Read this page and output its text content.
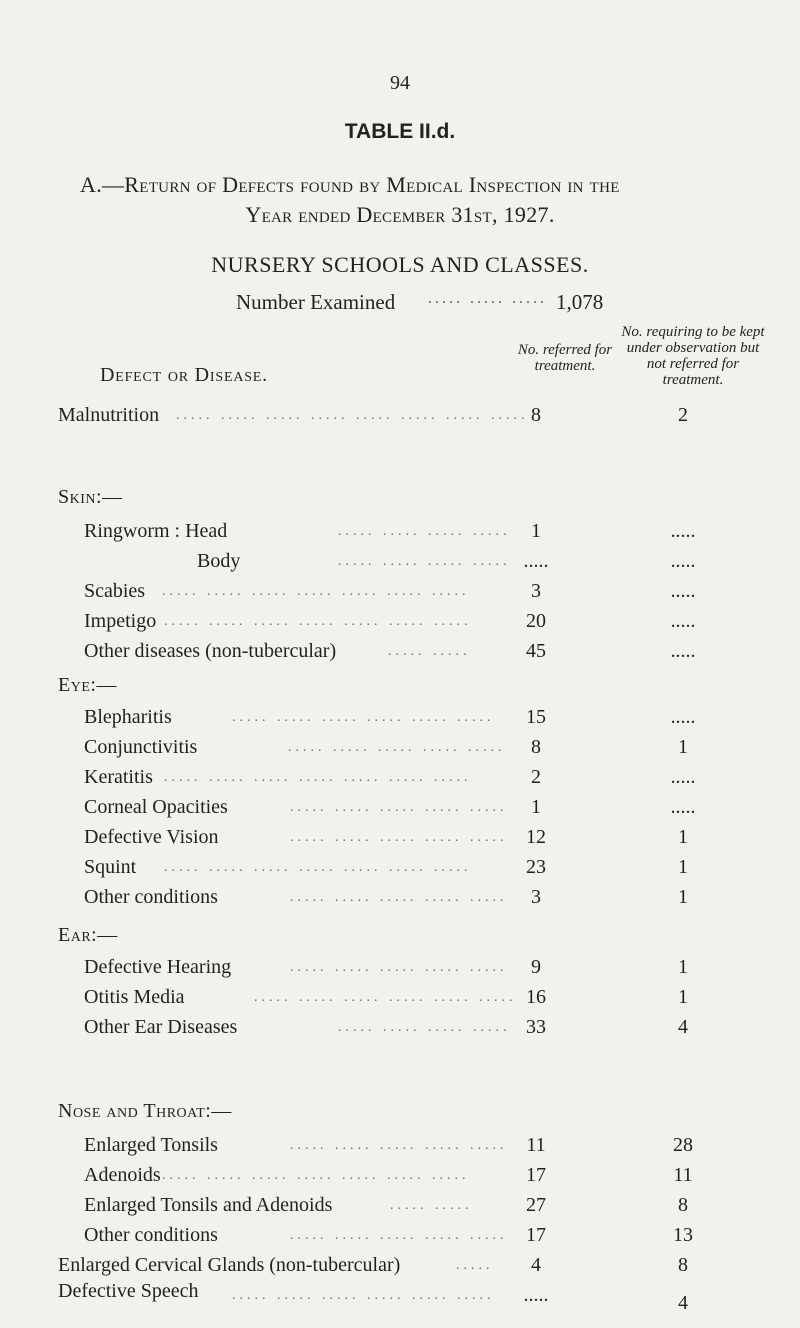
94
TABLE II.d.
A.—Return of Defects found by Medical Inspection in the
Year ended December 31st, 1927.
NURSERY SCHOOLS AND CLASSES.
Number Examined ..... ..... ..... 1,078
Defect or Disease.
No. referred for treatment.
No. requiring to be kept under observation but not referred for treatment.
Malnutrition ..... ..... ..... ..... ..... ..... ..... ..... 8	2
Skin:—
Ringworm : Head	..... ..... ..... .....	1	.....
Body	..... ..... ..... ..... .....	.....
Scabies ..... ..... ..... ..... ..... ..... .....	3	.....
Impetigo ..... ..... ..... ..... ..... ..... .....	20	.....
Other diseases (non-tubercular)	..... .....	45	.....
Eye:—
Blepharitis	..... ..... ..... ..... ..... .....	15	.....
Conjunctivitis	..... ..... ..... ..... .....	8	1
Keratitis ..... ..... ..... ..... ..... ..... .....	2	.....
Corneal Opacities	..... ..... ..... ..... .....	1	.....
Defective Vision	..... ..... ..... ..... ..... 12	1
Squint ..... ..... ..... ..... ..... ..... .....	23	1
Other conditions	..... ..... ..... ..... .....	3	1
Ear:—
Defective Hearing	..... ..... ..... ..... .....	9	1
Otitis Media	..... ..... ..... ..... ..... ..... 16	1
Other Ear Diseases	..... ..... ..... ..... 33	4
Nose and Throat:—
Enlarged Tonsils	..... ..... ..... ..... ..... 11	28
Adenoids ..... ..... ..... ..... ..... ..... .....	17	11
Enlarged Tonsils and Adenoids	..... .....	27	8
Other conditions	..... ..... ..... ..... ..... 17	13
Enlarged Cervical Glands (non-tubercular)	.....	4	8
Defective Speech ..... ..... ..... ..... ..... .....	.....	4
